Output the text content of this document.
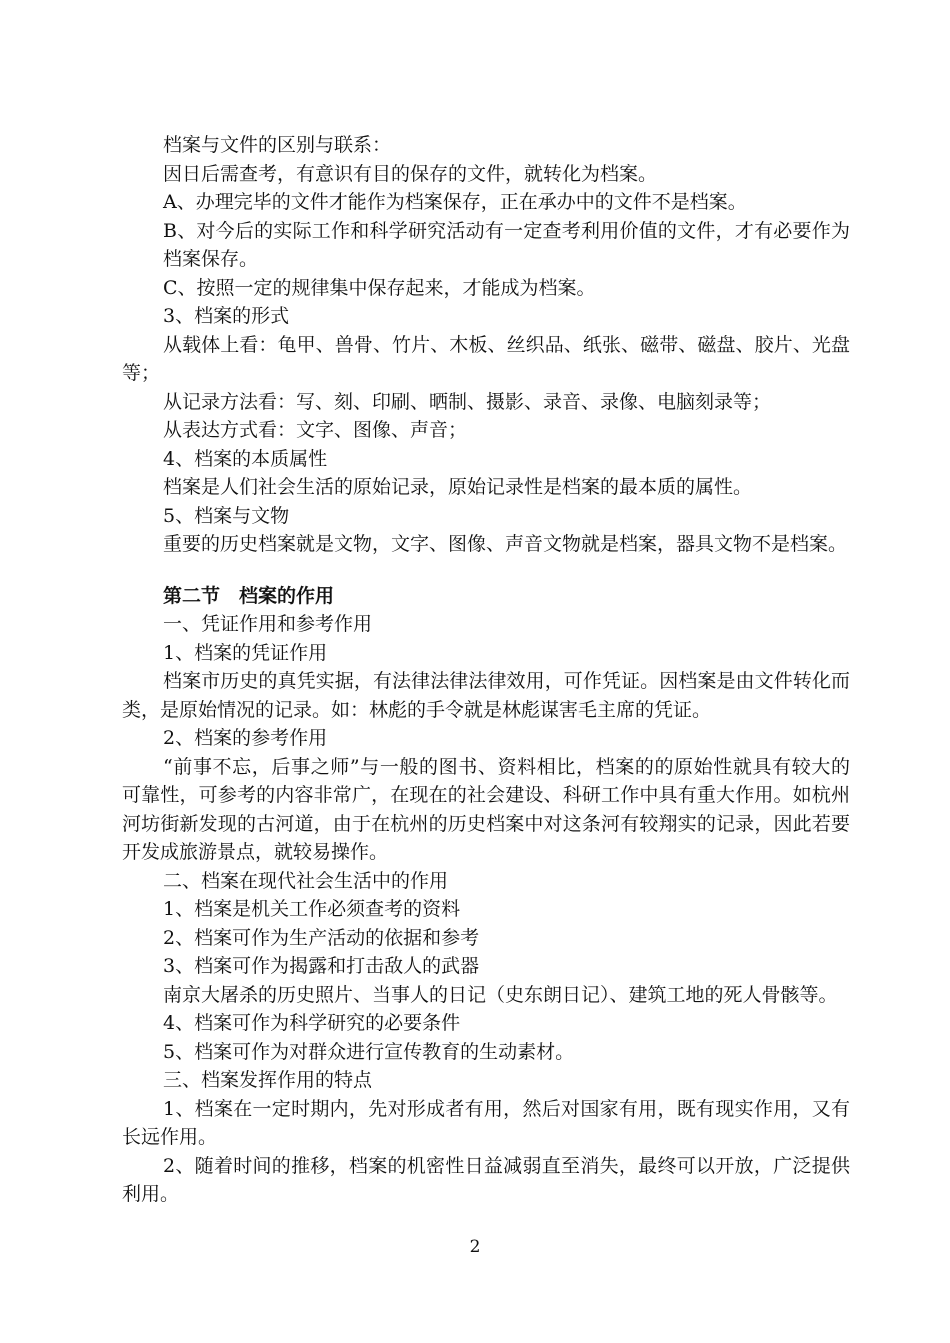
档案与文件的区别与联系：
因日后需查考，有意识有目的保存的文件，就转化为档案。
A、办理完毕的文件才能作为档案保存，正在承办中的文件不是档案。
B、对今后的实际工作和科学研究活动有一定查考利用价值的文件，才有必要作为
档案保存。
C、按照一定的规律集中保存起来，才能成为档案。
3、档案的形式
从载体上看：龟甲、兽骨、竹片、木板、丝织品、纸张、磁带、磁盘、胶片、光盘
等；
从记录方法看：写、刻、印刷、晒制、摄影、录音、录像、电脑刻录等；
从表达方式看：文字、图像、声音；
4、档案的本质属性
档案是人们社会生活的原始记录，原始记录性是档案的最本质的属性。
5、档案与文物
重要的历史档案就是文物，文字、图像、声音文物就是档案，器具文物不是档案。
第二节　档案的作用
一、凭证作用和参考作用
1、档案的凭证作用
档案市历史的真凭实据，有法律法律法律效用，可作凭证。因档案是由文件转化而
类，是原始情况的记录。如：林彪的手令就是林彪谋害毛主席的凭证。
2、档案的参考作用
“前事不忘，后事之师”与一般的图书、资料相比，档案的的原始性就具有较大的
可靠性，可参考的内容非常广，在现在的社会建设、科研工作中具有重大作用。如杭州
河坊街新发现的古河道，由于在杭州的历史档案中对这条河有较翔实的记录，因此若要
开发成旅游景点，就较易操作。
二、档案在现代社会生活中的作用
1、档案是机关工作必须查考的资料
2、档案可作为生产活动的依据和参考
3、档案可作为揭露和打击敌人的武器
南京大屠杀的历史照片、当事人的日记（史东朗日记）、建筑工地的死人骨骸等。
4、档案可作为科学研究的必要条件
5、档案可作为对群众进行宣传教育的生动素材。
三、档案发挥作用的特点
1、档案在一定时期内，先对形成者有用，然后对国家有用，既有现实作用，又有
长远作用。
2、随着时间的推移，档案的机密性日益减弱直至消失，最终可以开放，广泛提供
利用。
2
